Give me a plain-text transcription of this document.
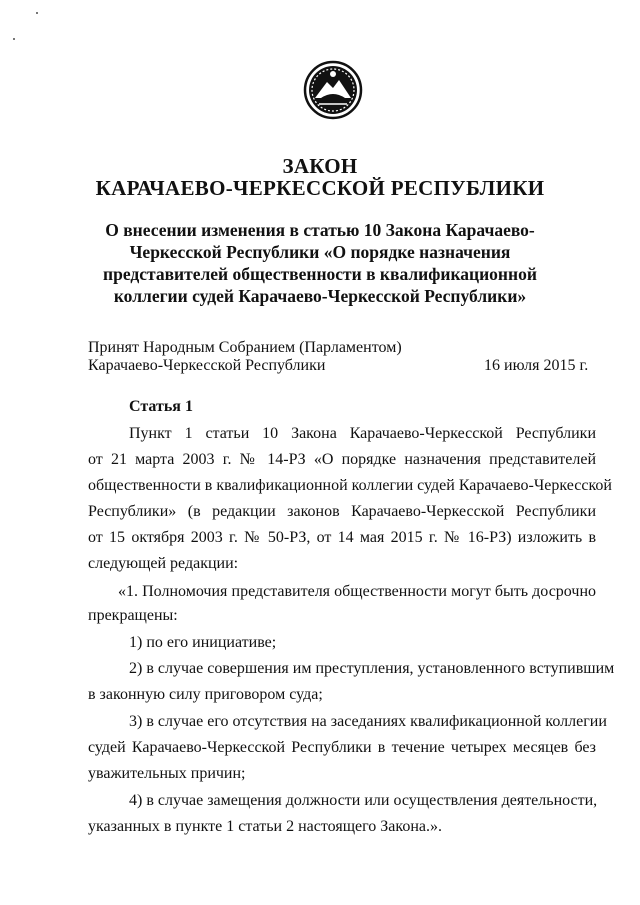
ЗАКОН
КАРАЧАЕВО-ЧЕРКЕССКОЙ РЕСПУБЛИКИ
О внесении изменения в статью 10 Закона Карачаево-
Черкесской Республики «О порядке назначения
представителей общественности в квалификационной
коллегии судей Карачаево-Черкесской Республики»
Принят Народным Собранием (Парламентом)
Карачаево-Черкесской Республики	16 июля 2015 г.
Статья 1
Пункт 1 статьи 10 Закона Карачаево-Черкесской Республики
от 21 марта 2003 г. № 14-РЗ «О порядке назначения представителей
общественности в квалификационной коллегии судей Карачаево-Черкесской
Республики» (в редакции законов Карачаево-Черкесской Республики
от 15 октября 2003 г. № 50-РЗ, от 14 мая 2015 г. № 16-РЗ) изложить в
следующей редакции:
«1. Полномочия представителя общественности могут быть досрочно
прекращены:
1) по его инициативе;
2) в случае совершения им преступления, установленного вступившим
в законную силу приговором суда;
3) в случае его отсутствия на заседаниях квалификационной коллегии
судей Карачаево-Черкесской Республики в течение четырех месяцев без
уважительных причин;
4) в случае замещения должности или осуществления деятельности,
указанных в пункте 1 статьи 2 настоящего Закона.».
